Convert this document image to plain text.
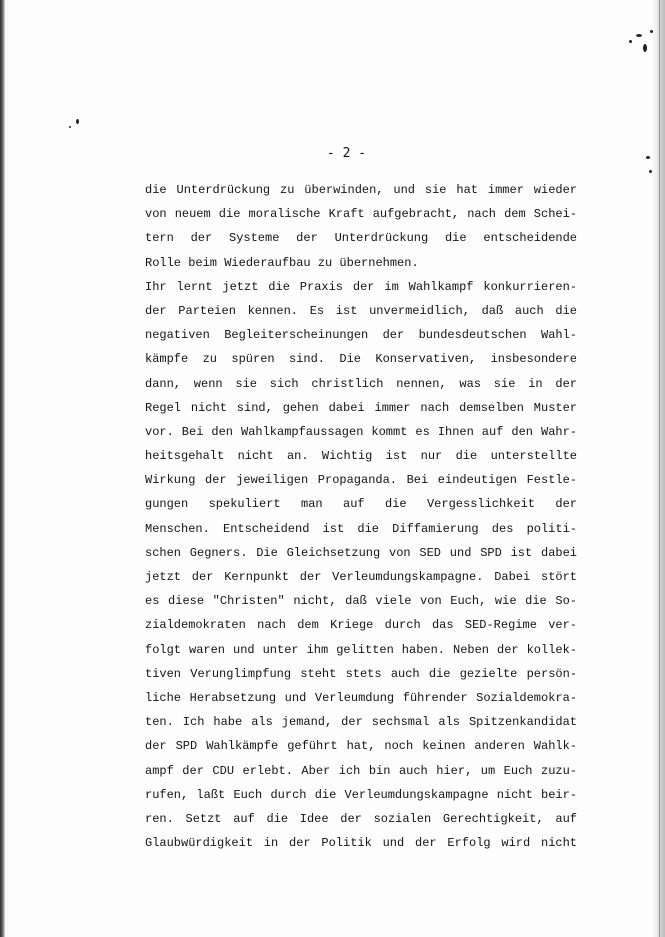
- 2 -
die Unterdrückung zu überwinden, und sie hat immer wieder
von neuem die moralische Kraft aufgebracht, nach dem Schei-
tern der Systeme der Unterdrückung die entscheidende
Rolle beim Wiederaufbau zu übernehmen.
Ihr lernt jetzt die Praxis der im Wahlkampf konkurrieren-
der Parteien kennen. Es ist unvermeidlich, daß auch die
negativen Begleiterscheinungen der bundesdeutschen Wahl-
kämpfe zu spüren sind. Die Konservativen, insbesondere
dann, wenn sie sich christlich nennen, was sie in der
Regel nicht sind, gehen dabei immer nach demselben Muster
vor. Bei den Wahlkampfaussagen kommt es Ihnen auf den Wahr-
heitsgehalt nicht an. Wichtig ist nur die unterstellte
Wirkung der jeweiligen Propaganda. Bei eindeutigen Festle-
gungen spekuliert man auf die Vergesslichkeit der
Menschen. Entscheidend ist die Diffamierung des politi-
schen Gegners. Die Gleichsetzung von SED und SPD ist dabei
jetzt der Kernpunkt der Verleumdungskampagne. Dabei stört
es diese "Christen" nicht, daß viele von Euch, wie die So-
zialdemokraten nach dem Kriege durch das SED-Regime ver-
folgt waren und unter ihm gelitten haben. Neben der kollek-
tiven Verunglimpfung steht stets auch die gezielte persön-
liche Herabsetzung und Verleumdung führender Sozialdemokra-
ten. Ich habe als jemand, der sechsmal als Spitzenkandidat
der SPD Wahlkämpfe geführt hat, noch keinen anderen Wahlk-
ampf der CDU erlebt. Aber ich bin auch hier, um Euch zuzu-
rufen, laßt Euch durch die Verleumdungskampagne nicht beir-
ren. Setzt auf die Idee der sozialen Gerechtigkeit, auf
Glaubwürdigkeit in der Politik und der Erfolg wird nicht
